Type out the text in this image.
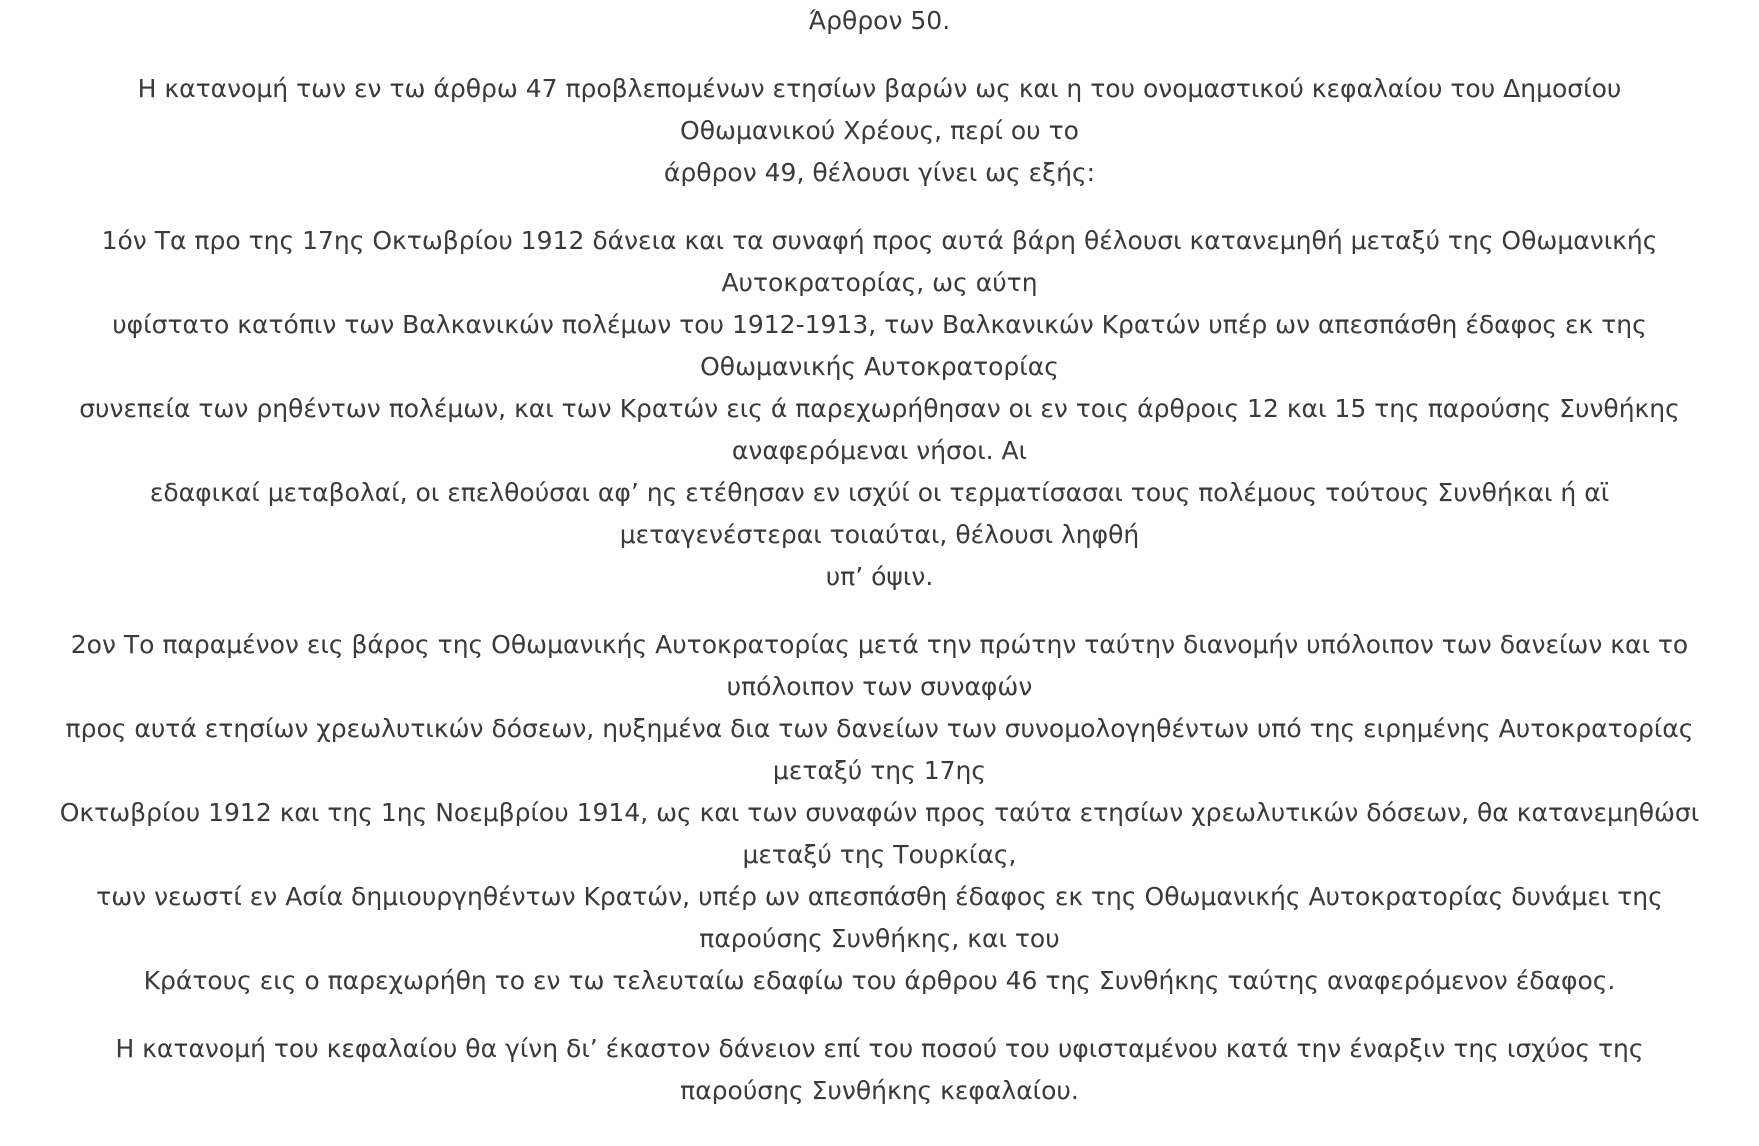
Άρθρον 50.

Η κατανομή των εν τω άρθρω 47 προβλεπομένων ετησίων βαρών ως και η του ονομαστικού κεφαλαίου του Δημοσίου
Οθωμανικού Χρέους, περί ου το
άρθρον 49, θέλουσι γίνει ως εξής:

1όν Τα προ της 17ης Οκτωβρίου 1912 δάνεια και τα συναφή προς αυτά βάρη θέλουσι κατανεμηθή μεταξύ της Οθωμανικής
Αυτοκρατορίας, ως αύτη
υφίστατο κατόπιν των Βαλκανικών πολέμων του 1912-1913, των Βαλκανικών Κρατών υπέρ ων απεσπάσθη έδαφος εκ της
Οθωμανικής Αυτοκρατορίας
συνεπεία των ρηθέντων πολέμων, και των Κρατών εις ά παρεχωρήθησαν οι εν τοις άρθροις 12 και 15 της παρούσης Συνθήκης
αναφερόμεναι νήσοι. Αι
εδαφικαί μεταβολαί, οι επελθούσαι αφ’ ης ετέθησαν εν ισχύί οι τερματίσασαι τους πολέμους τούτους Συνθήκαι ή αϊ
μεταγενέστεραι τοιαύται, θέλουσι ληφθή
υπ’ όψιν.

2ον Το παραμένον εις βάρος της Οθωμανικής Αυτοκρατορίας μετά την πρώτην ταύτην διανομήν υπόλοιπον των δανείων και το
υπόλοιπον των συναφών
προς αυτά ετησίων χρεωλυτικών δόσεων, ηυξημένα δια των δανείων των συνομολογηθέντων υπό της ειρημένης Αυτοκρατορίας
μεταξύ της 17ης
Οκτωβρίου 1912 και της 1ης Νοεμβρίου 1914, ως και των συναφών προς ταύτα ετησίων χρεωλυτικών δόσεων, θα κατανεμηθώσι
μεταξύ της Τουρκίας,
των νεωστί εν Ασία δημιουργηθέντων Κρατών, υπέρ ων απεσπάσθη έδαφος εκ της Οθωμανικής Αυτοκρατορίας δυνάμει της
παρούσης Συνθήκης, και του
Κράτους εις ο παρεχωρήθη το εν τω τελευταίω εδαφίω του άρθρου 46 της Συνθήκης ταύτης αναφερόμενον έδαφος.

Η κατανομή του κεφαλαίου θα γίνη δι’ έκαστον δάνειον επί του ποσού του υφισταμένου κατά την έναρξιν της ισχύος της
παρούσης Συνθήκης κεφαλαίου.
